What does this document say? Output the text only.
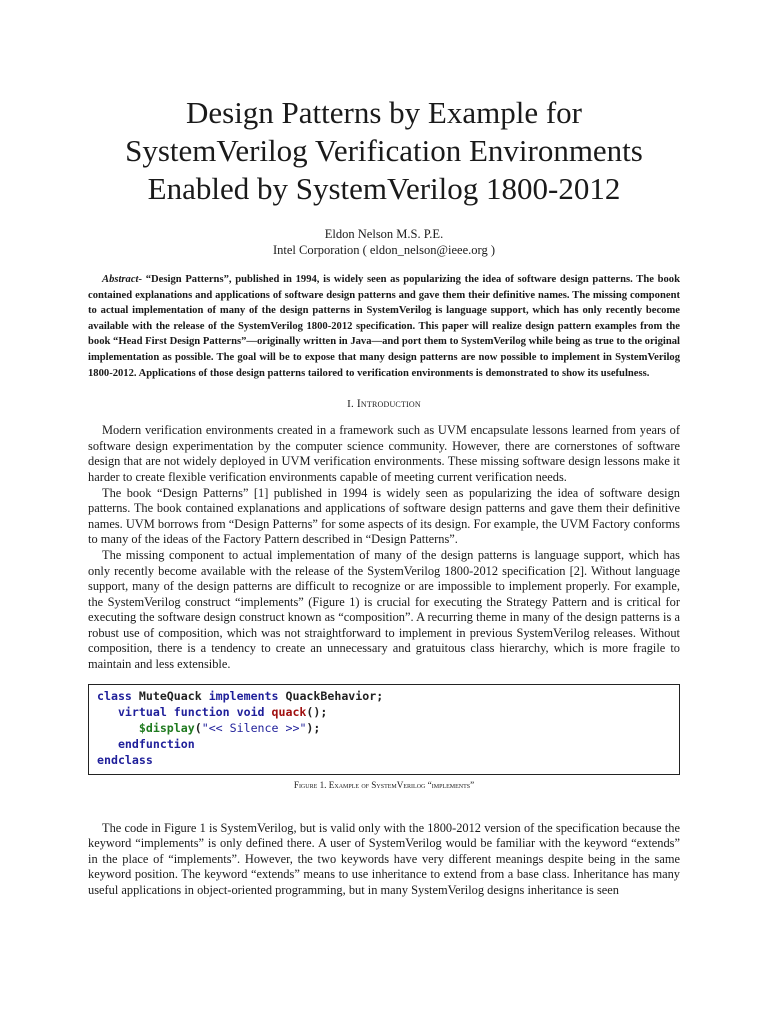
Design Patterns by Example for
SystemVerilog Verification Environments
Enabled by SystemVerilog 1800-2012
Eldon Nelson M.S. P.E.
Intel Corporation ( eldon_nelson@ieee.org )

Abstract- “Design Patterns”, published in 1994, is widely seen as popularizing the idea of software design patterns. The book contained explanations and applications of software design patterns and gave them their definitive names. The missing component to actual implementation of many of the design patterns in SystemVerilog is language support, which has only recently become available with the release of the SystemVerilog 1800-2012 specification. This paper will realize design pattern examples from the book “Head First Design Patterns”—originally written in Java—and port them to SystemVerilog while being as true to the original implementation as possible. The goal will be to expose that many design patterns are now possible to implement in SystemVerilog 1800-2012. Applications of those design patterns tailored to verification environments is demonstrated to show its usefulness.

I. Introduction

Modern verification environments created in a framework such as UVM encapsulate lessons learned from years of software design experimentation by the computer science community. However, there are cornerstones of software design that are not widely deployed in UVM verification environments. These missing software design lessons make it harder to create flexible verification environments capable of meeting current verification needs.

The book “Design Patterns” [1] published in 1994 is widely seen as popularizing the idea of software design patterns. The book contained explanations and applications of software design patterns and gave them their definitive names. UVM borrows from “Design Patterns” for some aspects of its design. For example, the UVM Factory conforms to many of the ideas of the Factory Pattern described in “Design Patterns”.

The missing component to actual implementation of many of the design patterns is language support, which has only recently become available with the release of the SystemVerilog 1800-2012 specification [2]. Without language support, many of the design patterns are difficult to recognize or are impossible to implement properly. For example, the SystemVerilog construct “implements” (Figure 1) is crucial for executing the Strategy Pattern and is critical for executing the software design construct known as “composition”. A recurring theme in many of the design patterns is a robust use of composition, which was not straightforward to implement in previous SystemVerilog releases. Without composition, there is a tendency to create an unnecessary and gratuitous class hierarchy, which is more fragile to maintain and less extensible.

class MuteQuack implements QuackBehavior;
virtual function void quack();
$display("<< Silence >>");
endfunction
endclass
Figure 1. Example of SystemVerilog “implements”

The code in Figure 1 is SystemVerilog, but is valid only with the 1800-2012 version of the specification because the keyword “implements” is only defined there. A user of SystemVerilog would be familiar with the keyword “extends” in the place of “implements”. However, the two keywords have very different meanings despite being in the same keyword position. The keyword “extends” means to use inheritance to extend from a base class. Inheritance has many useful applications in object-oriented programming, but in many SystemVerilog designs inheritance is seen
